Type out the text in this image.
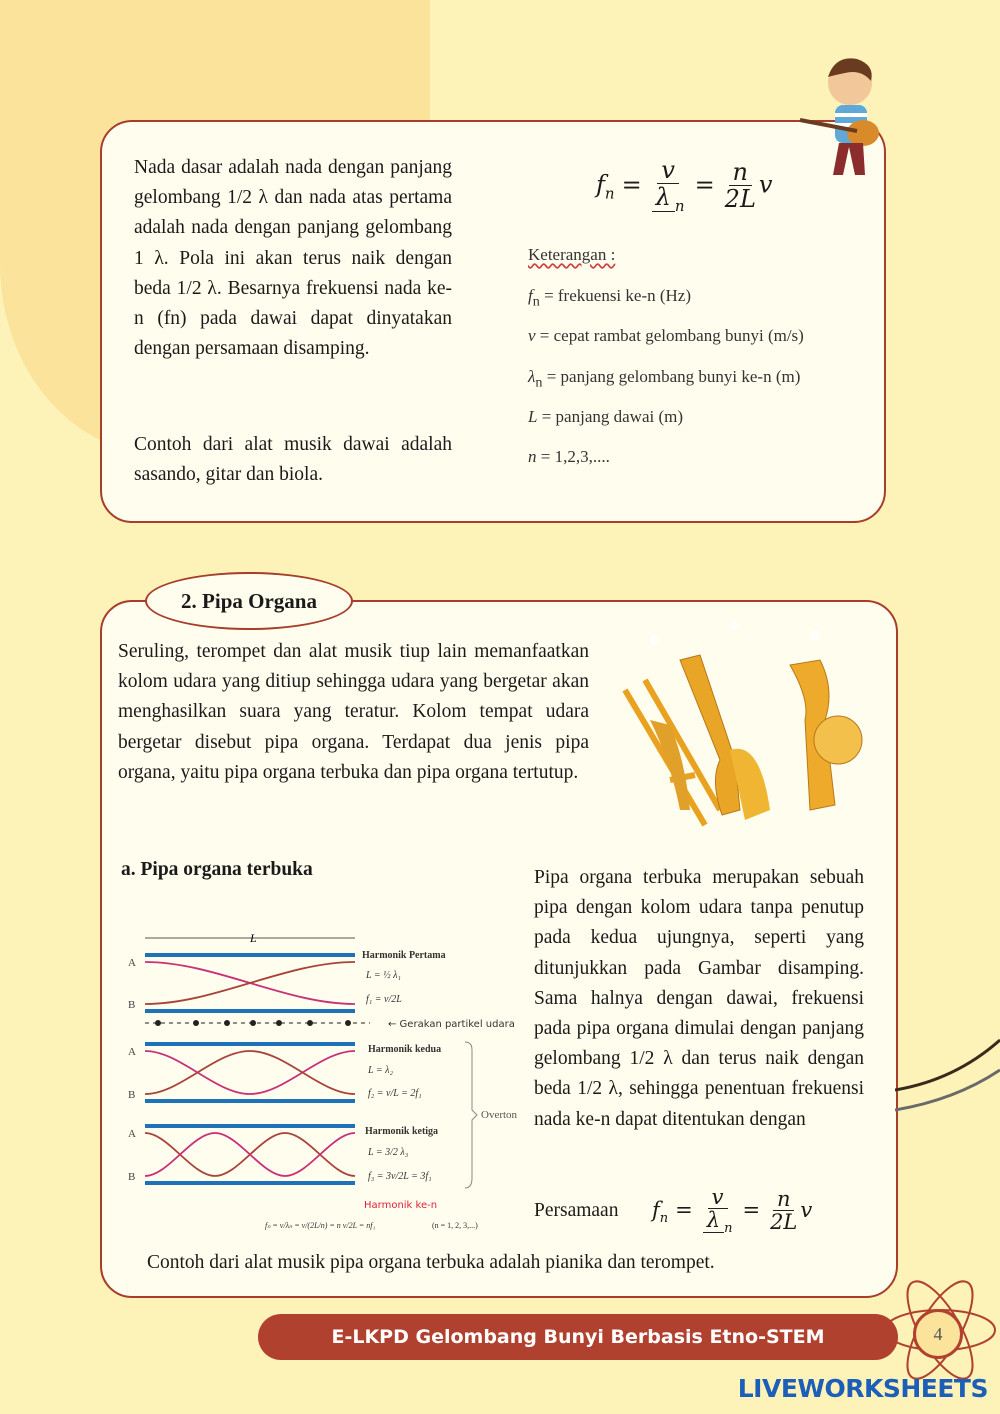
Nada dasar adalah nada dengan panjang gelombang 1/2 λ dan nada atas pertama adalah nada dengan panjang gelombang 1 λ. Pola ini akan terus naik dengan beda 1/2 λ. Besarnya frekuensi nada ke-n (fn) pada dawai dapat dinyatakan dengan persamaan disamping.
Contoh dari alat musik dawai adalah sasando, gitar dan biola.
$f_n = \frac{v}{\lambda _n} = \frac{n}{2L}$ v
Keterangan :
$f_n$ = frekuensi ke-n (Hz)
v = cepat rambat gelombang bunyi (m/s)
$\lambda_n$ = panjang gelombang bunyi ke-n (m)
L = panjang dawai (m)
n = 1,2,3,....
2. Pipa Organa
Seruling, terompet dan alat musik tiup lain memanfaatkan kolom udara yang ditiup sehingga udara yang bergetar akan menghasilkan suara yang teratur. Kolom tempat udara bergetar disebut pipa organa. Terdapat dua jenis pipa organa, yaitu pipa organa terbuka dan pipa organa tertutup.
a. Pipa organa terbuka	Pipa organa terbuka merupakan sebuah pipa dengan kolom udara tanpa penutup pada kedua ujungnya, seperti yang ditunjukkan pada Gambar disamping. Sama halnya dengan dawai, frekuensi pada pipa organa dimulai dengan panjang gelombang 1/2 λ dan terus naik dengan beda 1/2 λ, sehingga penentuan frekuensi nada ke-n dapat ditentukan dengan
Persamaan	$f_n = \frac{v}{\lambda _n} = \frac{n}{2L}$ v
Contoh dari alat musik pipa organa terbuka adalah pianika dan terompet.
L
A
B
A
B
A
B
Harmonik Pertama
L = ½ λ₁
f₁ = v/2L
← Gerakan partikel udara
Harmonik kedua
L = λ₂
f₂ = v/L = 2f₁
Harmonik ketiga
L = 3/2 λ₃
f₃ = 3v/2L = 3f₁
Overton
Harmonik ke-n
fₙ = v/λₙ = v/(2L/n) = n v/2L = nf₁	(n = 1, 2, 3,...)
E-LKPD Gelombang Bunyi Berbasis Etno-STEM	4
LIVEWORKSHEETS
